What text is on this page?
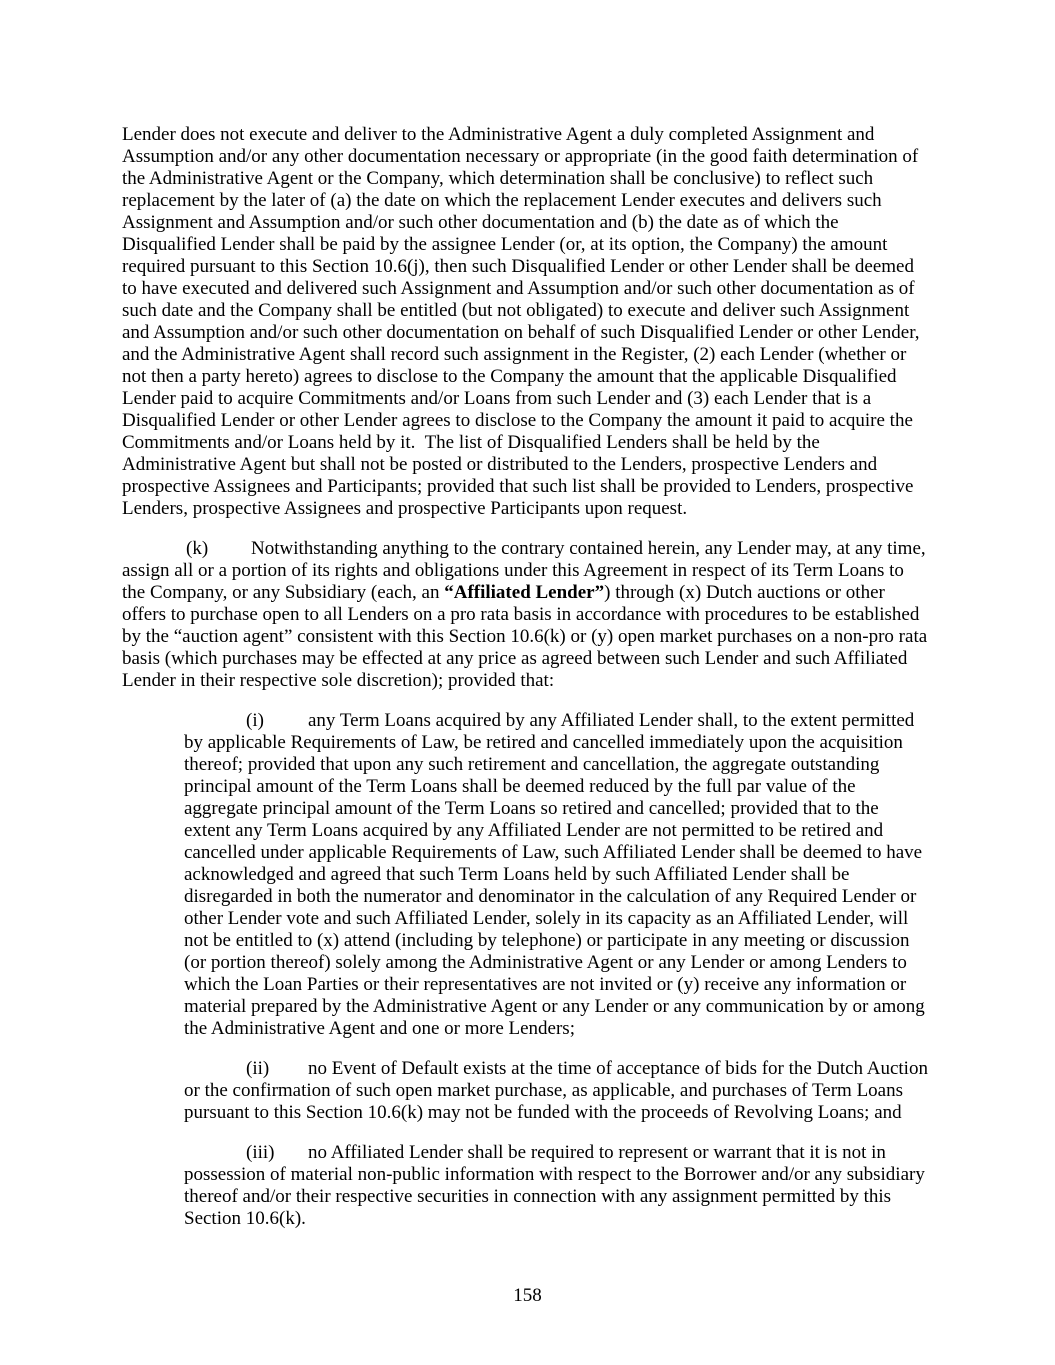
Lender does not execute and deliver to the Administrative Agent a duly completed Assignment and
Assumption and/or any other documentation necessary or appropriate (in the good faith determination of
the Administrative Agent or the Company, which determination shall be conclusive) to reflect such
replacement by the later of (a) the date on which the replacement Lender executes and delivers such
Assignment and Assumption and/or such other documentation and (b) the date as of which the
Disqualified Lender shall be paid by the assignee Lender (or, at its option, the Company) the amount
required pursuant to this Section 10.6(j), then such Disqualified Lender or other Lender shall be deemed
to have executed and delivered such Assignment and Assumption and/or such other documentation as of
such date and the Company shall be entitled (but not obligated) to execute and deliver such Assignment
and Assumption and/or such other documentation on behalf of such Disqualified Lender or other Lender,
and the Administrative Agent shall record such assignment in the Register, (2) each Lender (whether or
not then a party hereto) agrees to disclose to the Company the amount that the applicable Disqualified
Lender paid to acquire Commitments and/or Loans from such Lender and (3) each Lender that is a
Disqualified Lender or other Lender agrees to disclose to the Company the amount it paid to acquire the
Commitments and/or Loans held by it.  The list of Disqualified Lenders shall be held by the
Administrative Agent but shall not be posted or distributed to the Lenders, prospective Lenders and
prospective Assignees and Participants; provided that such list shall be provided to Lenders, prospective
Lenders, prospective Assignees and prospective Participants upon request.
(k) Notwithstanding anything to the contrary contained herein, any Lender may, at any time,
assign all or a portion of its rights and obligations under this Agreement in respect of its Term Loans to
the Company, or any Subsidiary (each, an “Affiliated Lender”) through (x) Dutch auctions or other
offers to purchase open to all Lenders on a pro rata basis in accordance with procedures to be established
by the “auction agent” consistent with this Section 10.6(k) or (y) open market purchases on a non-pro rata
basis (which purchases may be effected at any price as agreed between such Lender and such Affiliated
Lender in their respective sole discretion); provided that:
(i) any Term Loans acquired by any Affiliated Lender shall, to the extent permitted
by applicable Requirements of Law, be retired and cancelled immediately upon the acquisition
thereof; provided that upon any such retirement and cancellation, the aggregate outstanding
principal amount of the Term Loans shall be deemed reduced by the full par value of the
aggregate principal amount of the Term Loans so retired and cancelled; provided that to the
extent any Term Loans acquired by any Affiliated Lender are not permitted to be retired and
cancelled under applicable Requirements of Law, such Affiliated Lender shall be deemed to have
acknowledged and agreed that such Term Loans held by such Affiliated Lender shall be
disregarded in both the numerator and denominator in the calculation of any Required Lender or
other Lender vote and such Affiliated Lender, solely in its capacity as an Affiliated Lender, will
not be entitled to (x) attend (including by telephone) or participate in any meeting or discussion
(or portion thereof) solely among the Administrative Agent or any Lender or among Lenders to
which the Loan Parties or their representatives are not invited or (y) receive any information or
material prepared by the Administrative Agent or any Lender or any communication by or among
the Administrative Agent and one or more Lenders;
(ii) no Event of Default exists at the time of acceptance of bids for the Dutch Auction
or the confirmation of such open market purchase, as applicable, and purchases of Term Loans
pursuant to this Section 10.6(k) may not be funded with the proceeds of Revolving Loans; and
(iii) no Affiliated Lender shall be required to represent or warrant that it is not in
possession of material non-public information with respect to the Borrower and/or any subsidiary
thereof and/or their respective securities in connection with any assignment permitted by this
Section 10.6(k).
158
